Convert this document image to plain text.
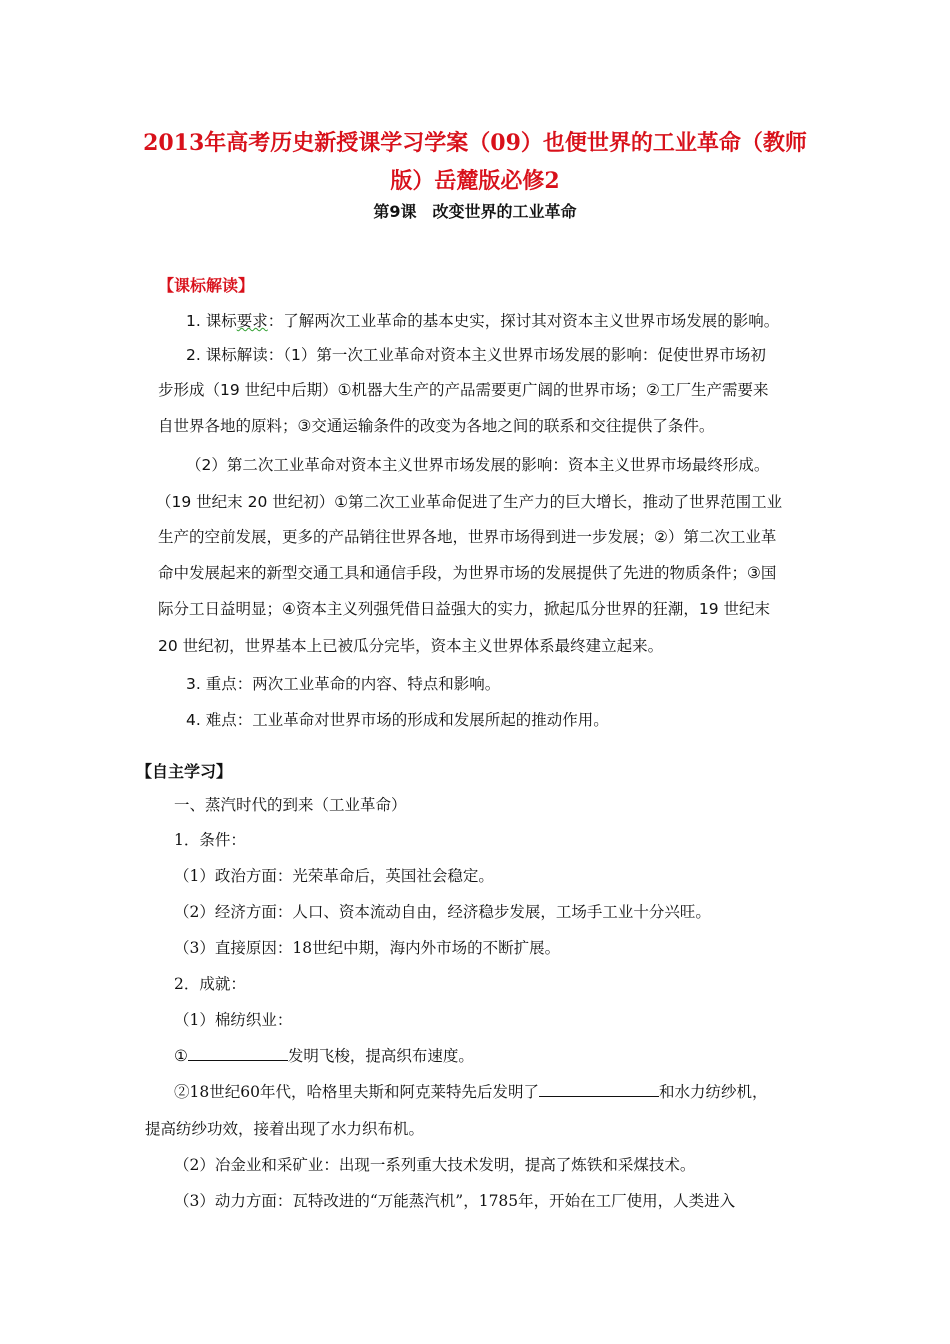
2013年高考历史新授课学习学案（09）也便世界的工业革命（教师
版）岳麓版必修2
第9课　改变世界的工业革命
【课标解读】
1. 课标要求：了解两次工业革命的基本史实，探讨其对资本主义世界市场发展的影响。
2. 课标解读：（1）第一次工业革命对资本主义世界市场发展的影响：促使世界市场初
步形成（19 世纪中后期）①机器大生产的产品需要更广阔的世界市场；②工厂生产需要来
自世界各地的原料；③交通运输条件的改变为各地之间的联系和交往提供了条件。
（2）第二次工业革命对资本主义世界市场发展的影响：资本主义世界市场最终形成。
（19 世纪末 20 世纪初）①第二次工业革命促进了生产力的巨大增长，推动了世界范围工业
生产的空前发展，更多的产品销往世界各地，世界市场得到进一步发展；②）第二次工业革
命中发展起来的新型交通工具和通信手段，为世界市场的发展提供了先进的物质条件；③国
际分工日益明显；④资本主义列强凭借日益强大的实力，掀起瓜分世界的狂潮，19 世纪末
20 世纪初，世界基本上已被瓜分完毕，资本主义世界体系最终建立起来。
3. 重点：两次工业革命的内容、特点和影响。
4. 难点：工业革命对世界市场的形成和发展所起的推动作用。
【自主学习】
一、蒸汽时代的到来（工业革命）
1．条件：
（1）政治方面：光荣革命后，英国社会稳定。
（2）经济方面：人口、资本流动自由，经济稳步发展，工场手工业十分兴旺。
（3）直接原因：18世纪中期，海内外市场的不断扩展。
2．成就：
（1）棉纺织业：
①	发明飞梭，提高织布速度。
②18世纪60年代，哈格里夫斯和阿克莱特先后发明了	和水力纺纱机，
提高纺纱功效，接着出现了水力织布机。
（2）冶金业和采矿业：出现一系列重大技术发明，提高了炼铁和采煤技术。
（3）动力方面：瓦特改进的“万能蒸汽机”，1785年，开始在工厂使用，人类进入
